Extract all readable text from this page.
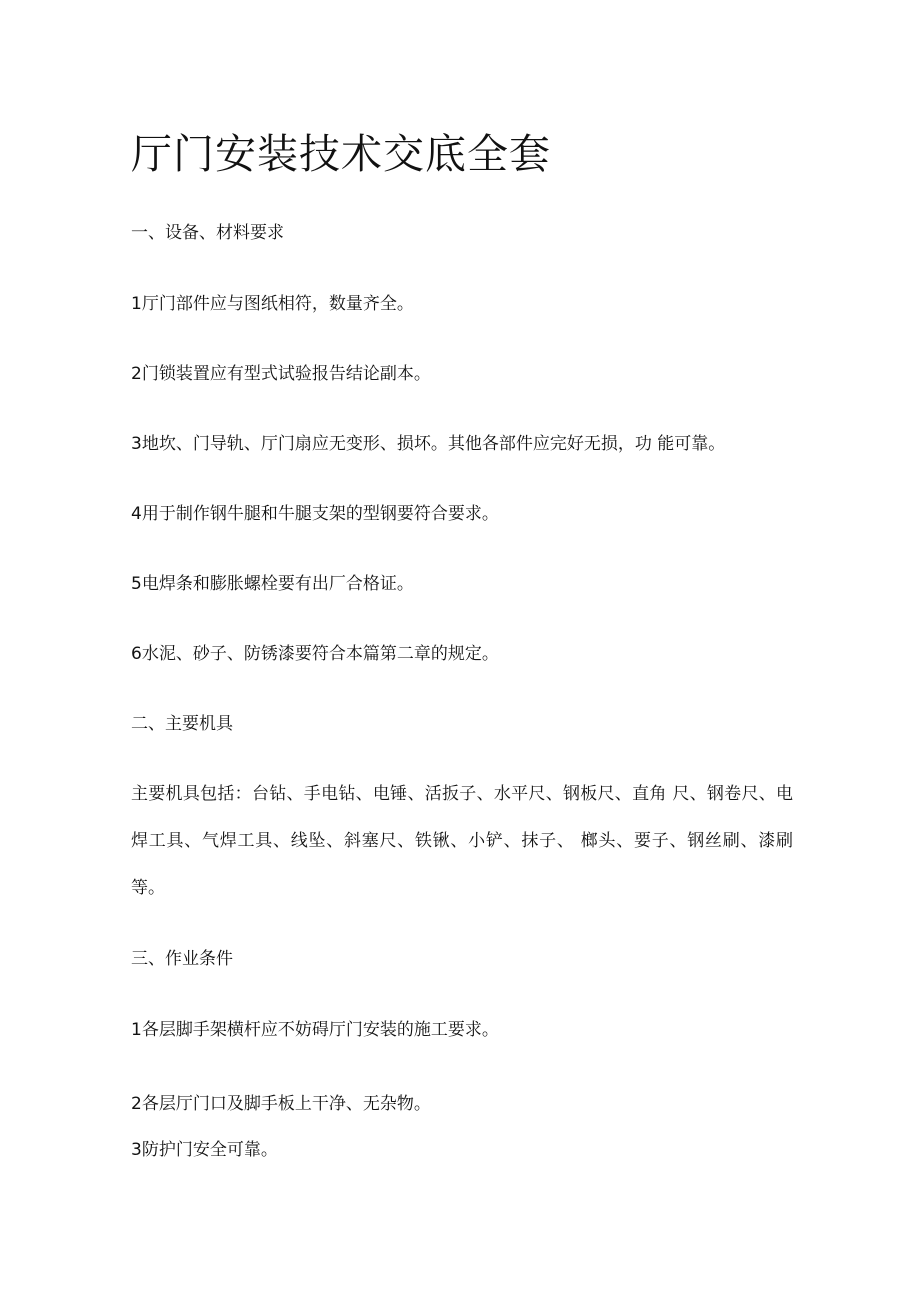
厅门安装技术交底全套
一、设备、材料要求
1厅门部件应与图纸相符，数量齐全。
2门锁装置应有型式试验报告结论副本。
3地坎、门导轨、厅门扇应无变形、损坏。其他各部件应完好无损，功 能可靠。
4用于制作钢牛腿和牛腿支架的型钢要符合要求。
5电焊条和膨胀螺栓要有出厂合格证。
6水泥、砂子、防锈漆要符合本篇第二章的规定。
二、主要机具
主要机具包括：台钻、手电钻、电锤、活扳子、水平尺、钢板尺、直角 尺、钢卷尺、电焊工具、气焊工具、线坠、斜塞尺、铁锹、小铲、抹子、 榔头、要子、钢丝刷、漆刷等。
三、作业条件
1各层脚手架横杆应不妨碍厅门安装的施工要求。
2各层厅门口及脚手板上干净、无杂物。
3防护门安全可靠。
